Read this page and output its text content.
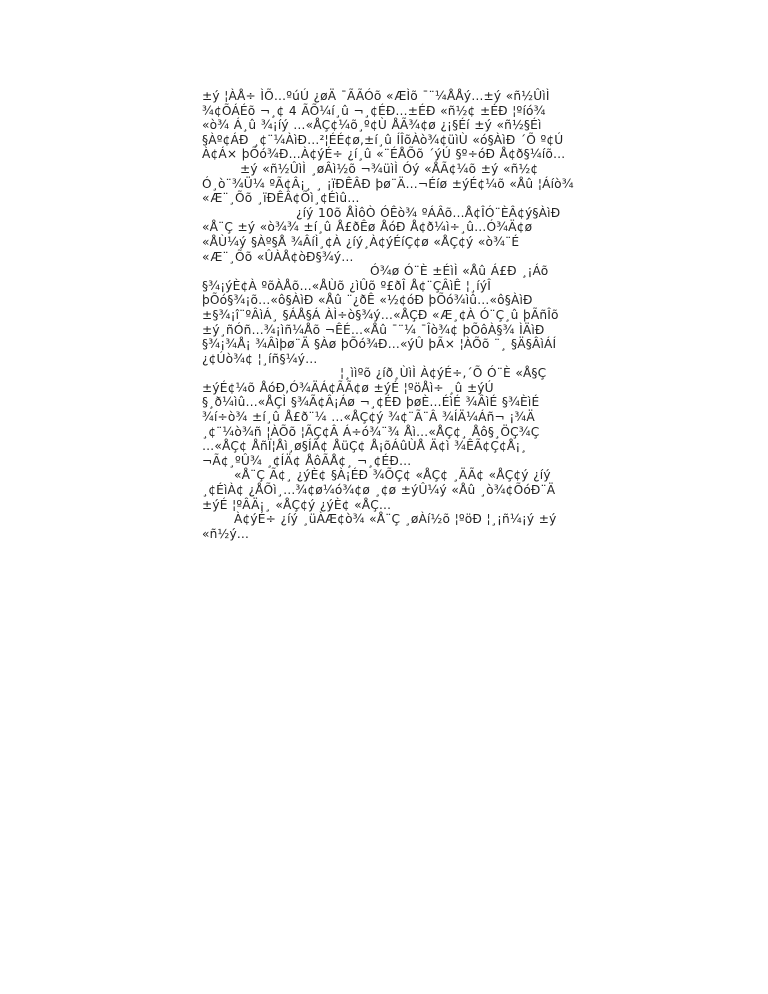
±ý ¦ÀÅ÷ ÌÕ…ºúÚ ¿øÄ ¯ÃÃÓõ «ÆÌõ ¯¨¼ÅÅý…±ý «ñ½ÛìÌ ¾¢ÕÁÉõ ¬¸¢ 4 ÃÕ¼í¸û ¬¸¢ÉÐ…±ÉÐ «ñ½¢ ±ÉÐ ¦ºíó¾ «ò¾ Á¸û ¾¡íý …«ÅÇ¢¼õ¸º¢Ù ÅÃ¾¢ø ¿¡§Éí ±ý «ñ½§Éì §Àº¢ÁÐ ¸¢¨¼ÀìÐ…²¦ÉÉ¢ø,±í¸û ÍÎõÀò¾¢üìÙ «ó§ÀìÐ ´Õ º¢Ú À¢Á× þÕó¾Ð…À¢ýÉ÷ ¿í¸û «¨ÉÅÕõ ´ýÚ §º÷óÐ Å¢ð§¼íõ…

±ý «ñ½ÛìÌ ¸øÂì½õ ¬¾üìÌ Óý «ÅÃ¢¼õ ±ý «ñ½¢ Ó¸ò¨¾Ü¼ ºÃ¢Â¡¸ ¸ ¡ïÐÊÂÐ þø¨Ä…¬Éíø ±ýÉ¢¼õ «Åû ¦Áíò¾ «Æ¨¸Õõ ¸ïÐÊÂ¢Õì¸¢Éìû…

¿íý 10õ ÅÌôÒ ÓÊò¾ ºÁÂõ…Å¢ÎÓ¨ÈÂ¢ý§ÀìÐ «Å¨Ç ±ý «ò¾¾ ±í¸û Å£ðÊø ÅóÐ Å¢ð¼ì÷¸û…Ó¾Ä¢ø «ÅÙ¼ý §Àº§Å ¾ÂíÌ¸¢À ¿íý¸À¢ýÉíÇ¢ø «ÅÇ¢ý «ò¾¨É «Æ¨¸Õõ «ÛÀÅ¢òÐ§¾ý…

Ó¾ø Ó¨È ±ÉìÌ «Åû Á£Ð ¸¡Áõ §¾¡ýÈ¢À ºõÀÅõ…«ÅÙõ ¿ìÛõ º£ðÎ Å¢¨ÇÂìÊ ¦¸íýÎ þÕó§¾¡õ…«ô§ÀìÐ «Åû ¨¿ðÊ «½¢óÐ þÕó¾ìû…«ô§ÀìÐ ±§¾¡î¨ºÂìÁ¸ §ÁÅ§Á ÀÌ÷ò§¾ý…«ÅÇÐ «Æ¸¢À Ó¨Ç¸û þÃñÎõ ±ý¸ñÓñ…¾¡ìñ¼Åõ ¬ÊÉ…«Åû ¯¨¼ ¯Îò¾¢ þÕôÀ§¾ ÌÄìÐ §¾¡¾Å¡ ¾Âìþø¨Ä §Àø þÕó¾Ð…«ýÛ þÃ× ¦ÀÕõ ¨¸ §Ä§ÂìÁÍ ¿¢Úò¾¢ ¦¸íñ§¼ý…

¦¸ììºõ ¿íð¸ÙìÌ À¢ýÉ÷,´Õ Ó¨È «Å§Ç ±ýÉ¢¼õ ÅóÐ,Ó¾ÄÁ¢ÃÃ¢ø ±ýÉ ¦ºöÅì÷ ¸û ±ýÚ §¸ð¼ìû…«ÅÇÌ §¾Ã¢Â¡Áø ¬¸¢ÉÐ þøÈ…ÉìÉ ¾ÂìÉ §¾ÈìÉ ¾í÷ò¾ ±í¸û Å£ð¨¼ …«ÅÇ¢ý ¾¢¨Ã¨Â ¾ÍÄ¼Áñ¬ ¡¾Ä ¸¢¨¼ò¾ñ ¦ÀÕõ ¦ÃÇ¢Â Á÷ó¾¨¾ Åì…«ÅÇ¢¸ Åô§¸ÖÇ¾Ç …«ÅÇ¢ ÅñÏ¦Åì¸ø§ÍÃ¢ ÅüÇ¢ Å¡õÁûÙÅ Ä¢ì ¾ÊÃ¢Ç¢Å¡¸ ¬Ã¢¸ºÛ¾ ¸¢ÍÄ¢ ÅôÃÅ¢¸ ¬¸¢ÉÐ…

«Å¨Ç Ã¢¸ ¿ýÈ¢ §À¡ÉÐ ¾ÕÇ¢ «ÅÇ¢ ¸ÄÃ¢ «ÅÇ¢ý ¿íý ¸¢ÉìÀ¢ ¿ÅÕì¸…¾¢ø¼ó¾¢ø ¸¢ø ±ýÛ¼ý «Åû ¸ò¾¢ÕóÐ¨Ä ±ýÉ ¦ºÂÄ¡¸ «ÅÇ¢ý ¿ýÈ¢ «ÅÇ…

À¢ýÉ÷ ¿íý ¸üÀÆ¢ò¾ «Å¨Ç ¸øÀí½õ ¦ºöÐ ¦¸¡ñ¼¡ý ±ý «ñ½ý…
